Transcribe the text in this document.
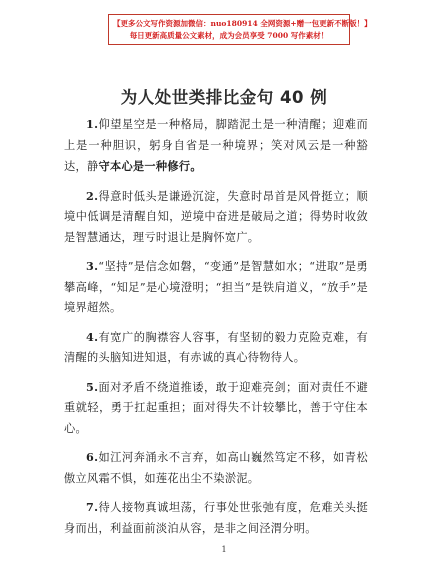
【更多公文写作资源加微信：nuo180914 全网资源+赠一包更新不断版！】
每日更新高质量公文素材，成为会员享受 7000 写作素材！
为人处世类排比金句 40 例

1.仰望星空是一种格局，脚踏泥土是一种清醒；迎难而上是一种胆识，躬身自省是一种境界；笑对风云是一种豁达，静守本心是一种修行。

2.得意时低头是谦逊沉淀，失意时昂首是风骨挺立；顺境中低调是清醒自知，逆境中奋进是破局之道；得势时收敛是智慧通达，理亏时退让是胸怀宽广。

3.“坚持”是信念如磐，“变通”是智慧如水；“进取”是勇攀高峰，“知足”是心境澄明；“担当”是铁肩道义，“放手”是境界超然。

4.有宽广的胸襟容人容事，有坚韧的毅力克险克难，有清醒的头脑知进知退，有赤诚的真心待物待人。

5.面对矛盾不绕道推诿，敢于迎难亮剑；面对责任不避重就轻，勇于扛起重担；面对得失不计较攀比，善于守住本心。

6.如江河奔涌永不言弃，如高山巍然笃定不移，如青松傲立风霜不惧，如莲花出尘不染淤泥。

7.待人接物真诚坦荡，行事处世张弛有度，危难关头挺身而出，利益面前淡泊从容，是非之间泾渭分明。

1
